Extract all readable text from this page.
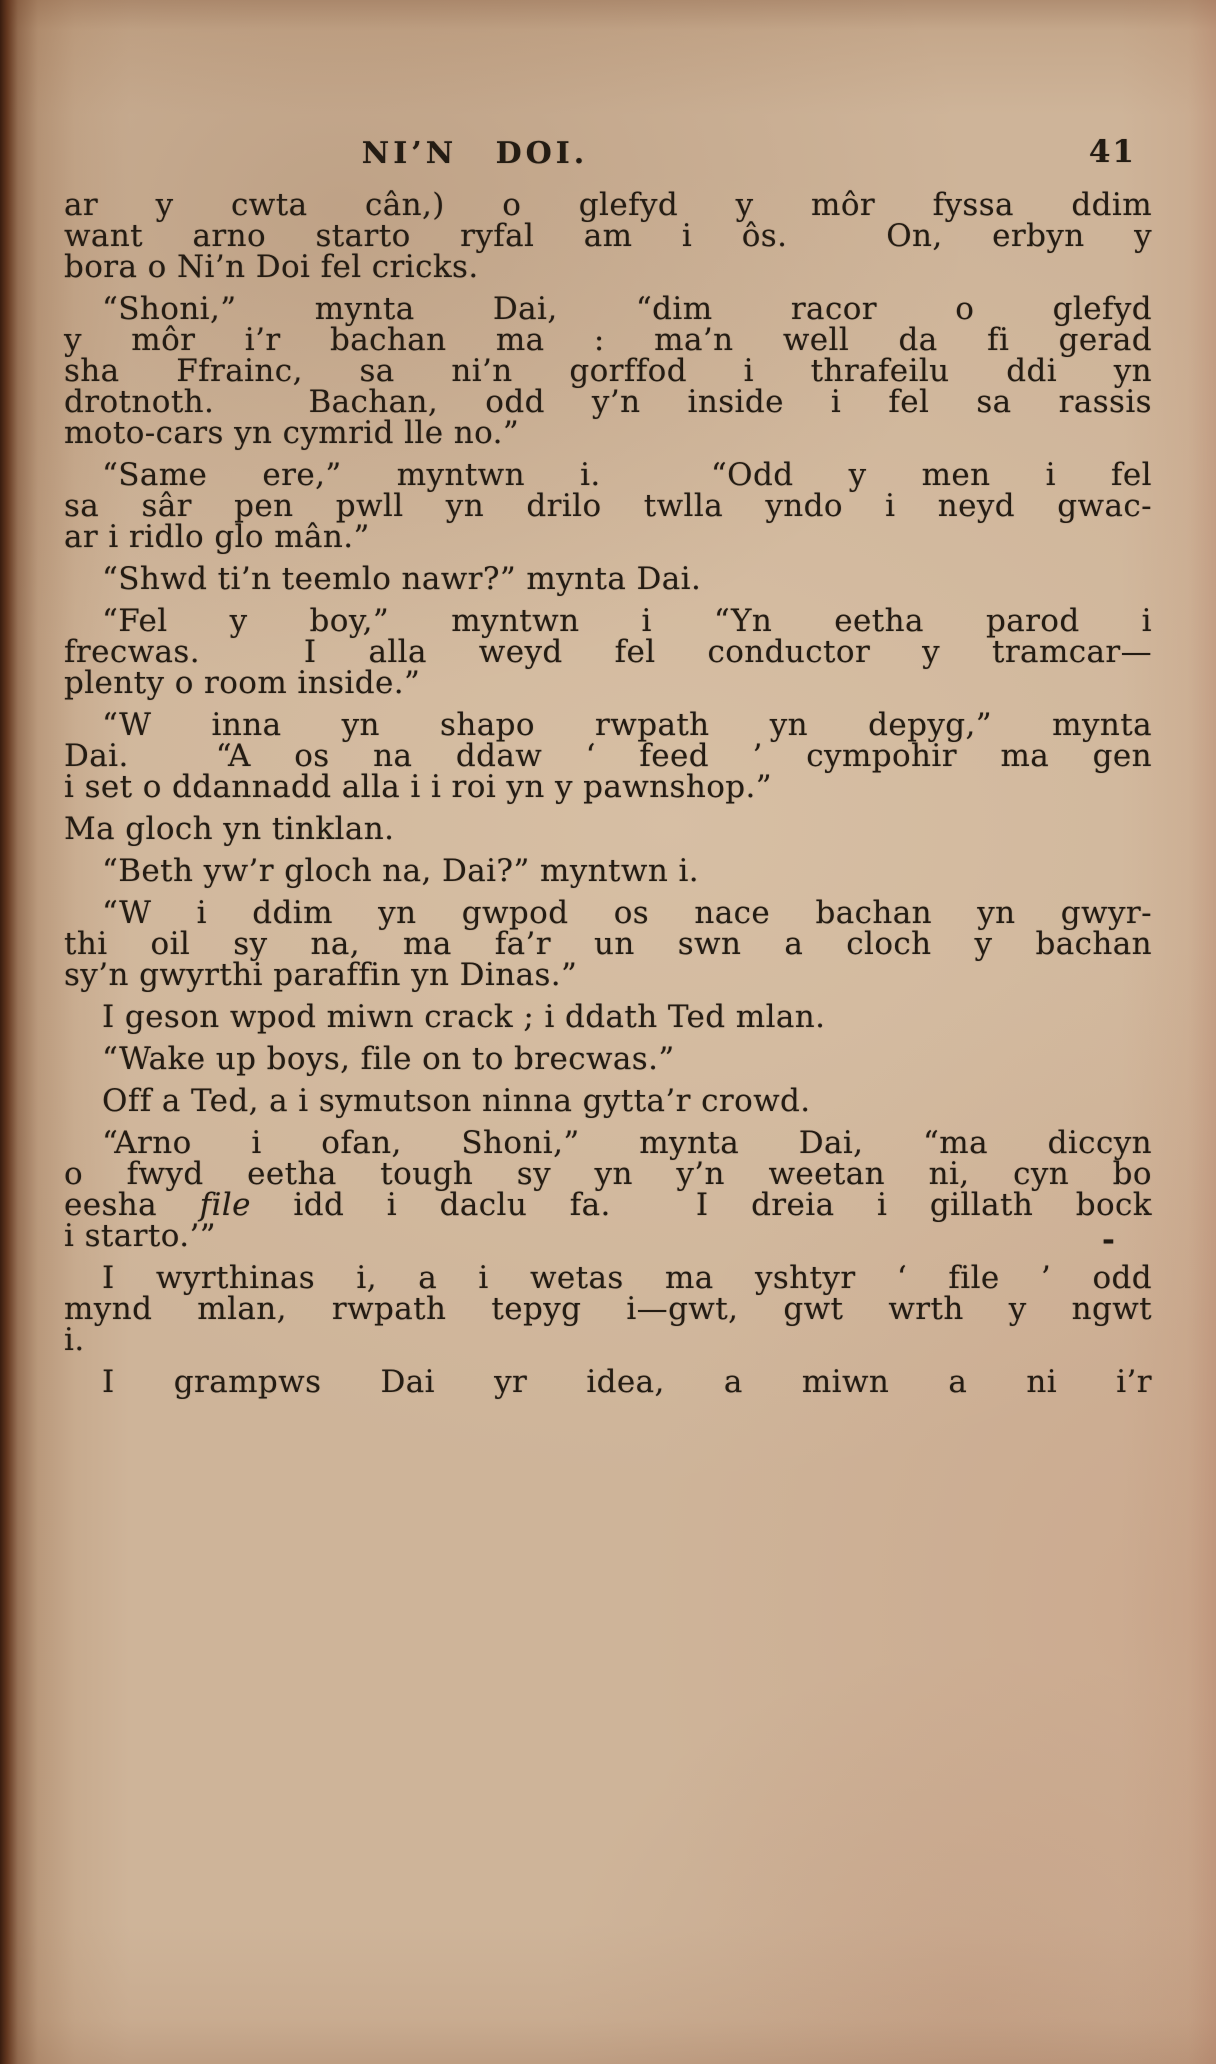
NI’N DOI.	41

ar y cwta cân,) o glefyd y môr fyssa ddim
want arno starto ryfal am i ôs.  On, erbyn y
bora o Ni’n Doi fel cricks.

“Shoni,” mynta Dai, “dim racor o glefyd
y môr i’r bachan ma : ma’n well da fi gerad
sha Ffrainc, sa ni’n gorffod i thrafeilu ddi yn
drotnoth.  Bachan, odd y’n inside i fel sa rassis
moto-cars yn cymrid lle no.”

“Same ere,” myntwn i.  “Odd y men i fel
sa sâr pen pwll yn drilo twlla yndo i neyd gwac-
ar i ridlo glo mân.”

“Shwd ti’n teemlo nawr?” mynta Dai.

“Fel y boy,” myntwn i “Yn eetha parod i
frecwas.  I alla weyd fel conductor y tramcar—
plenty o room inside.”

“W inna yn shapo rwpath yn depyg,” mynta
Dai.  “A os na ddaw ‘ feed ’ cympohir ma gen
i set o ddannadd alla i i roi yn y pawnshop.”

Ma gloch yn tinklan.

“Beth yw’r gloch na, Dai?” myntwn i.

“W i ddim yn gwpod os nace bachan yn gwyr-
thi oil sy na, ma fa’r un swn a cloch y bachan
sy’n gwyrthi paraffin yn Dinas.”

I geson wpod miwn crack ; i ddath Ted mlan.

“Wake up boys, file on to brecwas.”

Off a Ted, a i symutson ninna gytta’r crowd.

“Arno i ofan, Shoni,” mynta Dai, “ma diccyn
o fwyd eetha tough sy yn y’n weetan ni, cyn bo
eesha file idd i daclu fa.  I dreia i gillath bock
i starto.’”

I wyrthinas i, a i wetas ma yshtyr ‘ file ’ odd
mynd mlan, rwpath tepyg i—gwt, gwt wrth y ngwt
i.

I grampws Dai yr idea, a miwn a ni i’r

-
